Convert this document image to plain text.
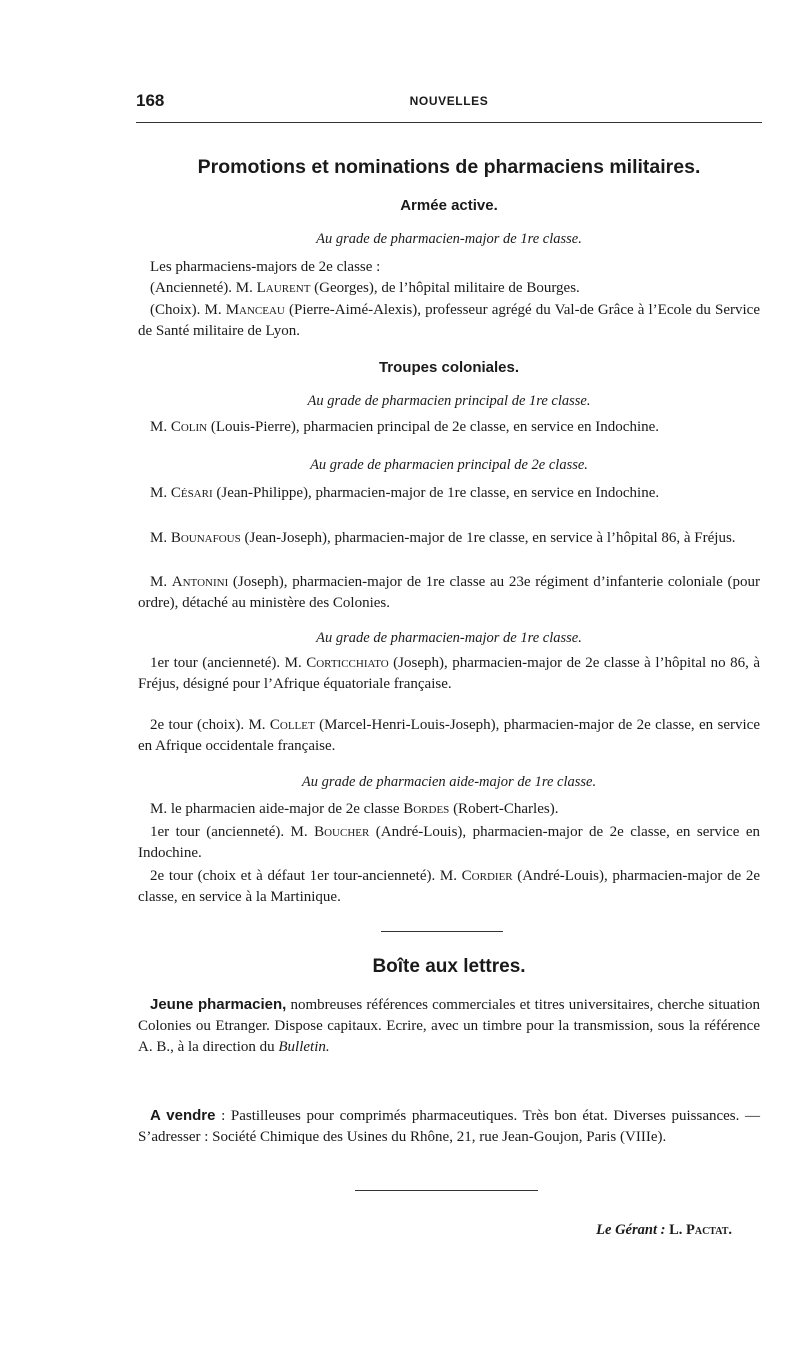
168	NOUVELLES
Promotions et nominations de pharmaciens militaires.
Armée active.
Au grade de pharmacien-major de 1re classe.
Les pharmaciens-majors de 2e classe :
(Ancienneté). M. Laurent (Georges), de l’hôpital militaire de Bourges.
(Choix). M. Manceau (Pierre-Aimé-Alexis), professeur agrégé du Val-de Grâce à l’Ecole du Service de Santé militaire de Lyon.
Troupes coloniales.
Au grade de pharmacien principal de 1re classe.
M. Colin (Louis-Pierre), pharmacien principal de 2e classe, en service en Indochine.
Au grade de pharmacien principal de 2e classe.
M. Césari (Jean-Philippe), pharmacien-major de 1re classe, en service en Indochine.
M. Bounafous (Jean-Joseph), pharmacien-major de 1re classe, en service à l’hôpital 86, à Fréjus.
M. Antonini (Joseph), pharmacien-major de 1re classe au 23e régiment d’infanterie coloniale (pour ordre), détaché au ministère des Colonies.
Au grade de pharmacien-major de 1re classe.
1er tour (ancienneté). M. Corticchiato (Joseph), pharmacien-major de 2e classe à l’hôpital no 86, à Fréjus, désigné pour l’Afrique équatoriale française.
2e tour (choix). M. Collet (Marcel-Henri-Louis-Joseph), pharmacien-major de 2e classe, en service en Afrique occidentale française.
Au grade de pharmacien aide-major de 1re classe.
M. le pharmacien aide-major de 2e classe Bordes (Robert-Charles).
1er tour (ancienneté). M. Boucher (André-Louis), pharmacien-major de 2e classe, en service en Indochine.
2e tour (choix et à défaut 1er tour-ancienneté). M. Cordier (André-Louis), pharmacien-major de 2e classe, en service à la Martinique.
Boîte aux lettres.
Jeune pharmacien, nombreuses références commerciales et titres universitaires, cherche situation Colonies ou Etranger. Dispose capitaux. Ecrire, avec un timbre pour la transmission, sous la référence A. B., à la direction du Bulletin.
A vendre : Pastilleuses pour comprimés pharmaceutiques. Très bon état. Diverses puissances. — S’adresser : Société Chimique des Usines du Rhône, 21, rue Jean-Goujon, Paris (VIIIe).
Le Gérant : L. Pactat.
